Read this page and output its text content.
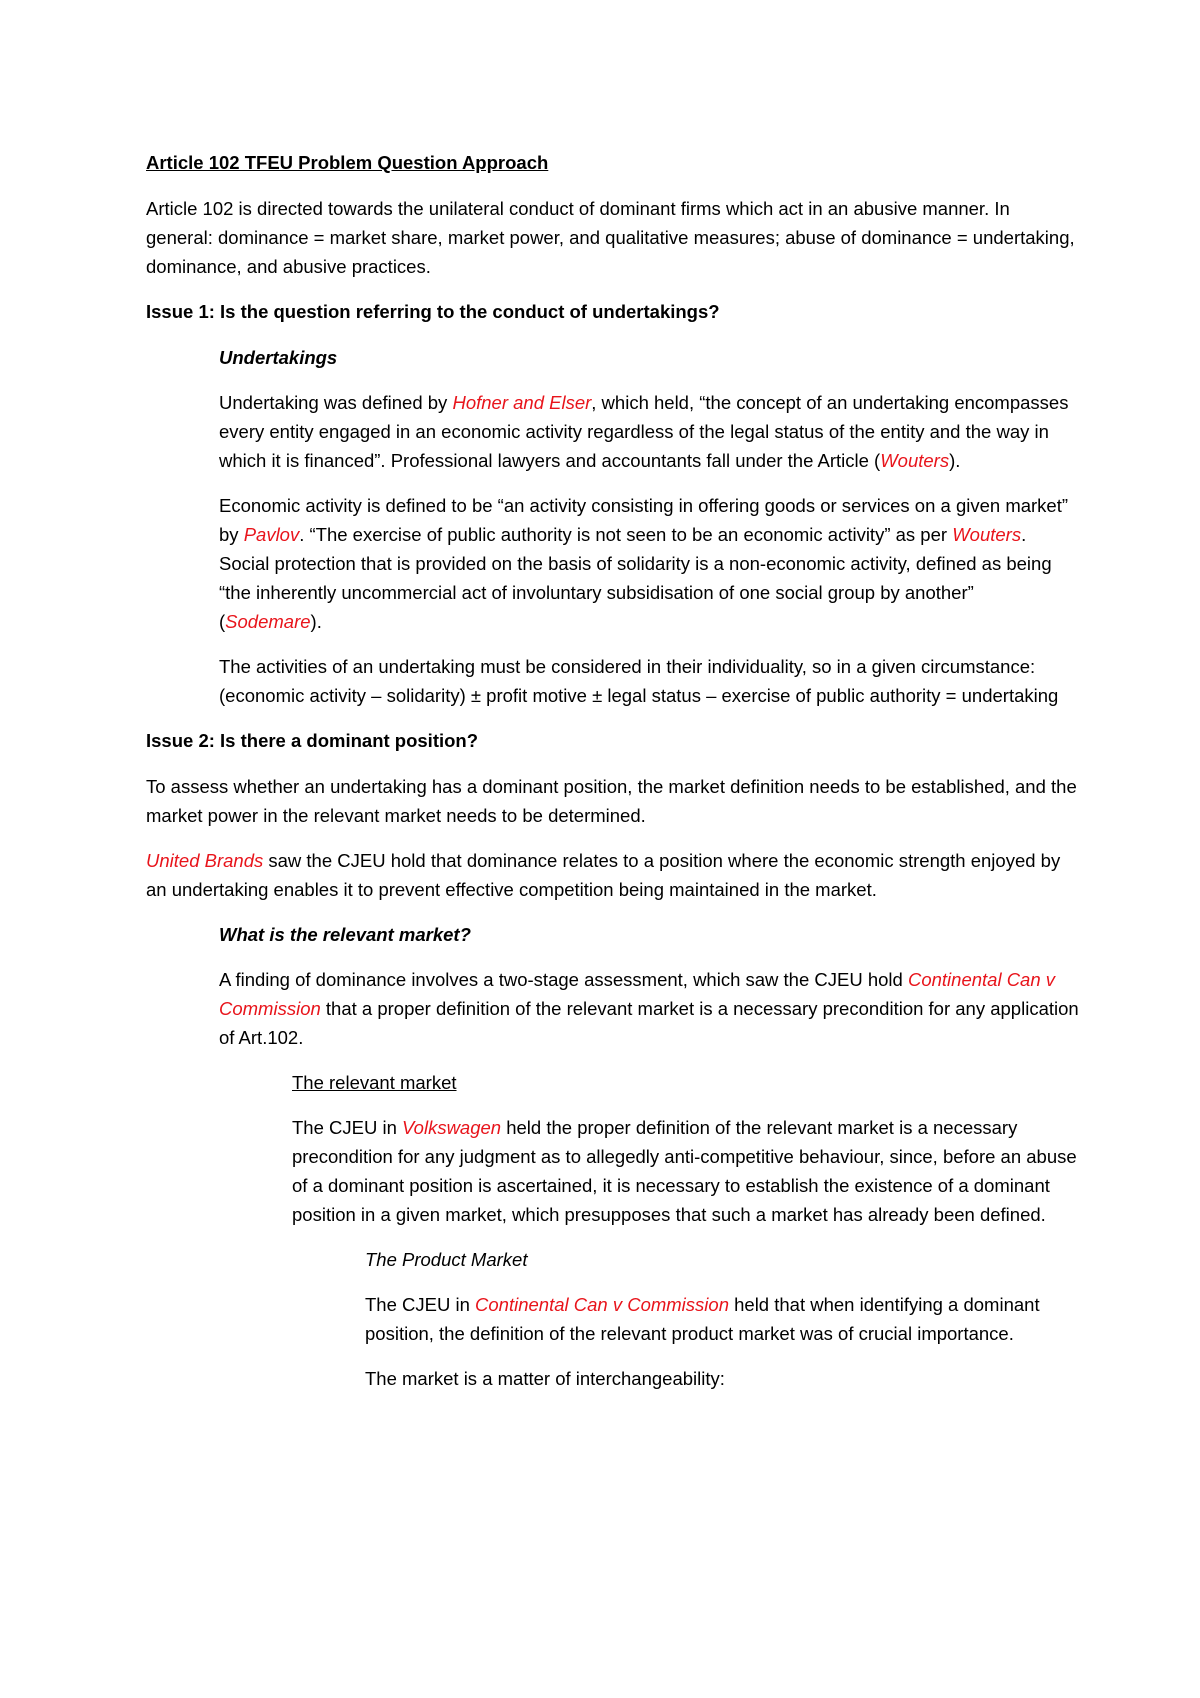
Article 102 TFEU Problem Question Approach

Article 102 is directed towards the unilateral conduct of dominant firms which act in an abusive manner. In general: dominance = market share, market power, and qualitative measures; abuse of dominance = undertaking, dominance, and abusive practices.

Issue 1: Is the question referring to the conduct of undertakings?

Undertakings

Undertaking was defined by Hofner and Elser, which held, “the concept of an undertaking encompasses every entity engaged in an economic activity regardless of the legal status of the entity and the way in which it is financed”. Professional lawyers and accountants fall under the Article (Wouters).

Economic activity is defined to be “an activity consisting in offering goods or services on a given market” by Pavlov. “The exercise of public authority is not seen to be an economic activity” as per Wouters. Social protection that is provided on the basis of solidarity is a non-economic activity, defined as being “the inherently uncommercial act of involuntary subsidisation of one social group by another” (Sodemare).

The activities of an undertaking must be considered in their individuality, so in a given circumstance: (economic activity – solidarity) ± profit motive ± legal status – exercise of public authority = undertaking

Issue 2: Is there a dominant position?

To assess whether an undertaking has a dominant position, the market definition needs to be established, and the market power in the relevant market needs to be determined.

United Brands saw the CJEU hold that dominance relates to a position where the economic strength enjoyed by an undertaking enables it to prevent effective competition being maintained in the market.

What is the relevant market?

A finding of dominance involves a two-stage assessment, which saw the CJEU hold Continental Can v Commission that a proper definition of the relevant market is a necessary precondition for any application of Art.102.

The relevant market

The CJEU in Volkswagen held the proper definition of the relevant market is a necessary precondition for any judgment as to allegedly anti-competitive behaviour, since, before an abuse of a dominant position is ascertained, it is necessary to establish the existence of a dominant position in a given market, which presupposes that such a market has already been defined.

The Product Market

The CJEU in Continental Can v Commission held that when identifying a dominant position, the definition of the relevant product market was of crucial importance.

The market is a matter of interchangeability:
